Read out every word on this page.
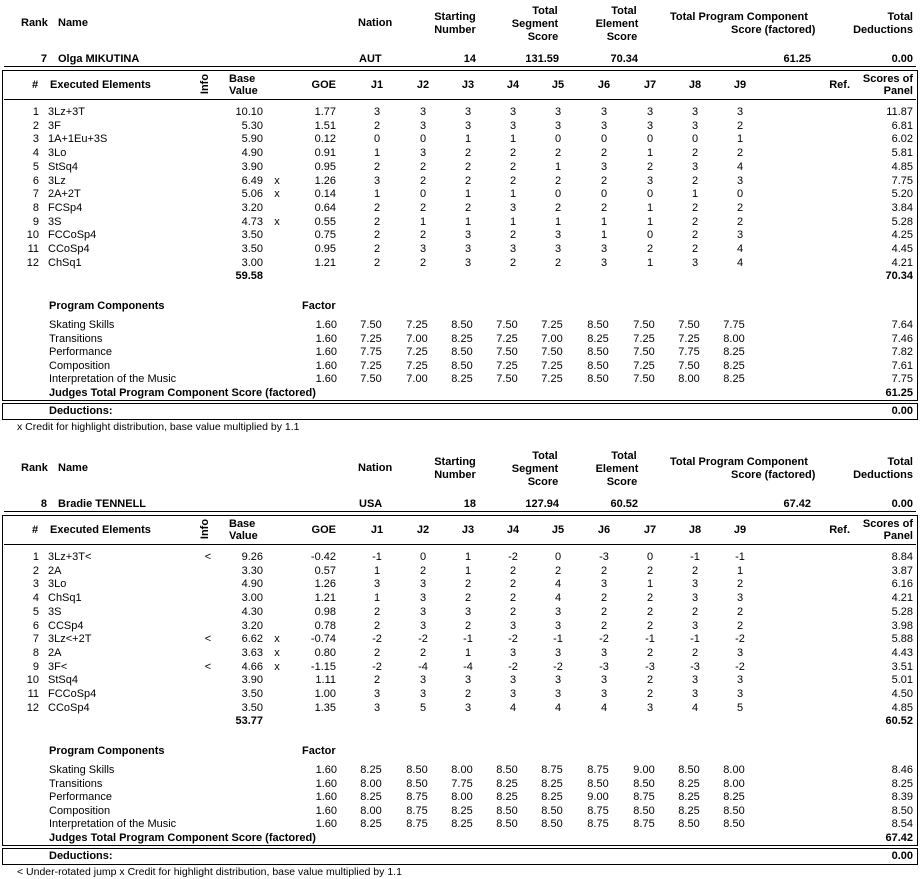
Rank Name	Nation	Starting
Number
Total
Segment
Score
Total
Element
Score
Total Program Component
Score (factored)
Total
Deductions
7 Olga MIKUTINA	AUT	14	131.59	70.34	61.25	0.00
# Executed Elements	Info Base
Value	GOE	J1	J2	J3	J4	J5	J6	J7	J8	J9	Ref.	Scores of
Panel
1 3Lz+3T	10.10	1.77	3	3	3	3	3	3	3	3	3	11.87
2 3F	5.30	1.51	2	3	3	3	3	3	3	3	2	6.81
3 1A+1Eu+3S	5.90	0.12	0	0	1	1	0	0	0	0	1	6.02
4 3Lo	4.90	0.91	1	3	2	2	2	2	1	2	2	5.81
5 StSq4	3.90	0.95	2	2	2	2	1	3	2	3	4	4.85
6 3Lz	6.49	x	1.26	3	2	2	2	2	2	3	2	3	7.75
7 2A+2T	5.06	x	0.14	1	0	1	1	0	0	0	1	0	5.20
8 FCSp4	3.20	0.64	2	2	2	3	2	2	1	2	2	3.84
9 3S	4.73	x	0.55	2	1	1	1	1	1	1	2	2	5.28
10 FCCoSp4	3.50	0.75	2	2	3	2	3	1	0	2	3	4.25
11 CCoSp4	3.50	0.95	2	3	3	3	3	3	2	2	4	4.45
12 ChSq1	3.00	1.21	2	2	3	2	2	3	1	3	4	4.21
59.58	70.34
Program Components	Factor
Skating Skills	1.60	7.50	7.25	8.50	7.50	7.25	8.50	7.50	7.50	7.75	7.64
Transitions	1.60	7.25	7.00	8.25	7.25	7.00	8.25	7.25	7.25	8.00	7.46
Performance	1.60	7.75	7.25	8.50	7.50	7.50	8.50	7.50	7.75	8.25	7.82
Composition	1.60	7.25	7.25	8.50	7.25	7.25	8.50	7.25	7.50	8.25	7.61
Interpretation of the Music	1.60	7.50	7.00	8.25	7.50	7.25	8.50	7.50	8.00	8.25	7.75
Judges Total Program Component Score (factored)	61.25
Deductions:	0.00
x Credit for highlight distribution, base value multiplied by 1.1
Rank Name	Nation	Starting
Number
Total
Segment
Score
Total
Element
Score
Total Program Component
Score (factored)
Total
Deductions
8 Bradie TENNELL	USA	18	127.94	60.52	67.42	0.00
# Executed Elements	Info Base
Value	GOE	J1	J2	J3	J4	J5	J6	J7	J8	J9	Ref.	Scores of
Panel
1 3Lz+3T<	<	9.26	-0.42	-1	0	1	-2	0	-3	0	-1	-1	8.84
2 2A	3.30	0.57	1	2	1	2	2	2	2	2	1	3.87
3 3Lo	4.90	1.26	3	3	2	2	4	3	1	3	2	6.16
4 ChSq1	3.00	1.21	1	3	2	2	4	2	2	3	3	4.21
5 3S	4.30	0.98	2	3	3	2	3	2	2	2	2	5.28
6 CCSp4	3.20	0.78	2	3	2	3	3	2	2	3	2	3.98
7 3Lz<+2T	<	6.62	x	-0.74	-2	-2	-1	-2	-1	-2	-1	-1	-2	5.88
8 2A	3.63	x	0.80	2	2	1	3	3	3	2	2	3	4.43
9 3F<	<	4.66	x	-1.15	-2	-4	-4	-2	-2	-3	-3	-3	-2	3.51
10 StSq4	3.90	1.11	2	3	3	3	3	3	2	3	3	5.01
11 FCCoSp4	3.50	1.00	3	3	2	3	3	3	2	3	3	4.50
12 CCoSp4	3.50	1.35	3	5	3	4	4	4	3	4	5	4.85
53.77	60.52
Program Components	Factor
Skating Skills	1.60	8.25	8.50	8.00	8.50	8.75	8.75	9.00	8.50	8.00	8.46
Transitions	1.60	8.00	8.50	7.75	8.25	8.25	8.50	8.50	8.25	8.00	8.25
Performance	1.60	8.25	8.75	8.00	8.25	8.25	9.00	8.75	8.25	8.25	8.39
Composition	1.60	8.00	8.75	8.25	8.50	8.50	8.75	8.50	8.25	8.50	8.50
Interpretation of the Music	1.60	8.25	8.75	8.25	8.50	8.50	8.75	8.75	8.50	8.50	8.54
Judges Total Program Component Score (factored)	67.42
Deductions:	0.00
< Under-rotated jump x Credit for highlight distribution, base value multiplied by 1.1
